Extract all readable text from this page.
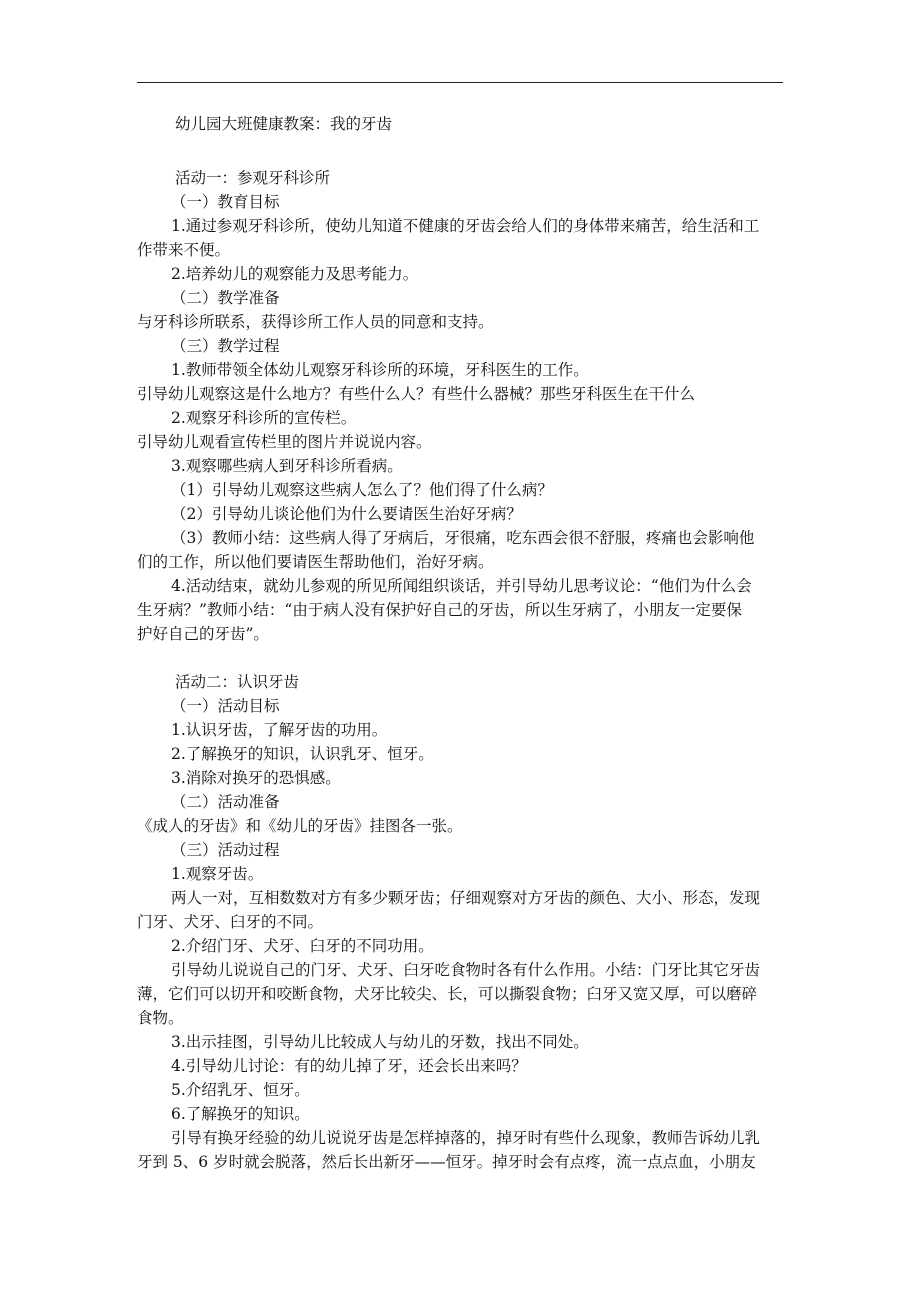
幼儿园大班健康教案：我的牙齿

活动一：参观牙科诊所

（一）教育目标

1.通过参观牙科诊所，使幼儿知道不健康的牙齿会给人们的身体带来痛苦，给生活和工

作带来不便。

2.培养幼儿的观察能力及思考能力。

（二）教学准备

与牙科诊所联系，获得诊所工作人员的同意和支持。

（三）教学过程

1.教师带领全体幼儿观察牙科诊所的环境，牙科医生的工作。

引导幼儿观察这是什么地方？有些什么人？有些什么器械？那些牙科医生在干什么

2.观察牙科诊所的宣传栏。

引导幼儿观看宣传栏里的图片并说说内容。

3.观察哪些病人到牙科诊所看病。

（1）引导幼儿观察这些病人怎么了？他们得了什么病？

（2）引导幼儿谈论他们为什么要请医生治好牙病？

（3）教师小结：这些病人得了牙病后，牙很痛，吃东西会很不舒服，疼痛也会影响他

们的工作，所以他们要请医生帮助他们，治好牙病。

4.活动结束，就幼儿参观的所见所闻组织谈话，并引导幼儿思考议论：“他们为什么会

生牙病？”教师小结：“由于病人没有保护好自己的牙齿，所以生牙病了，小朋友一定要保

护好自己的牙齿”。

活动二：认识牙齿

（一）活动目标

1.认识牙齿，了解牙齿的功用。

2.了解换牙的知识，认识乳牙、恒牙。

3.消除对换牙的恐惧感。

（二）活动准备

《成人的牙齿》和《幼儿的牙齿》挂图各一张。

（三）活动过程

1.观察牙齿。

两人一对，互相数数对方有多少颗牙齿；仔细观察对方牙齿的颜色、大小、形态，发现

门牙、犬牙、臼牙的不同。

2.介绍门牙、犬牙、臼牙的不同功用。

引导幼儿说说自己的门牙、犬牙、臼牙吃食物时各有什么作用。小结：门牙比其它牙齿

薄，它们可以切开和咬断食物，犬牙比较尖、长，可以撕裂食物；臼牙又宽又厚，可以磨碎

食物。

3.出示挂图，引导幼儿比较成人与幼儿的牙数，找出不同处。

4.引导幼儿讨论：有的幼儿掉了牙，还会长出来吗？

5.介绍乳牙、恒牙。

6.了解换牙的知识。

引导有换牙经验的幼儿说说牙齿是怎样掉落的，掉牙时有些什么现象，教师告诉幼儿乳

牙到 5、6 岁时就会脱落，然后长出新牙——恒牙。掉牙时会有点疼，流一点点血，小朋友
